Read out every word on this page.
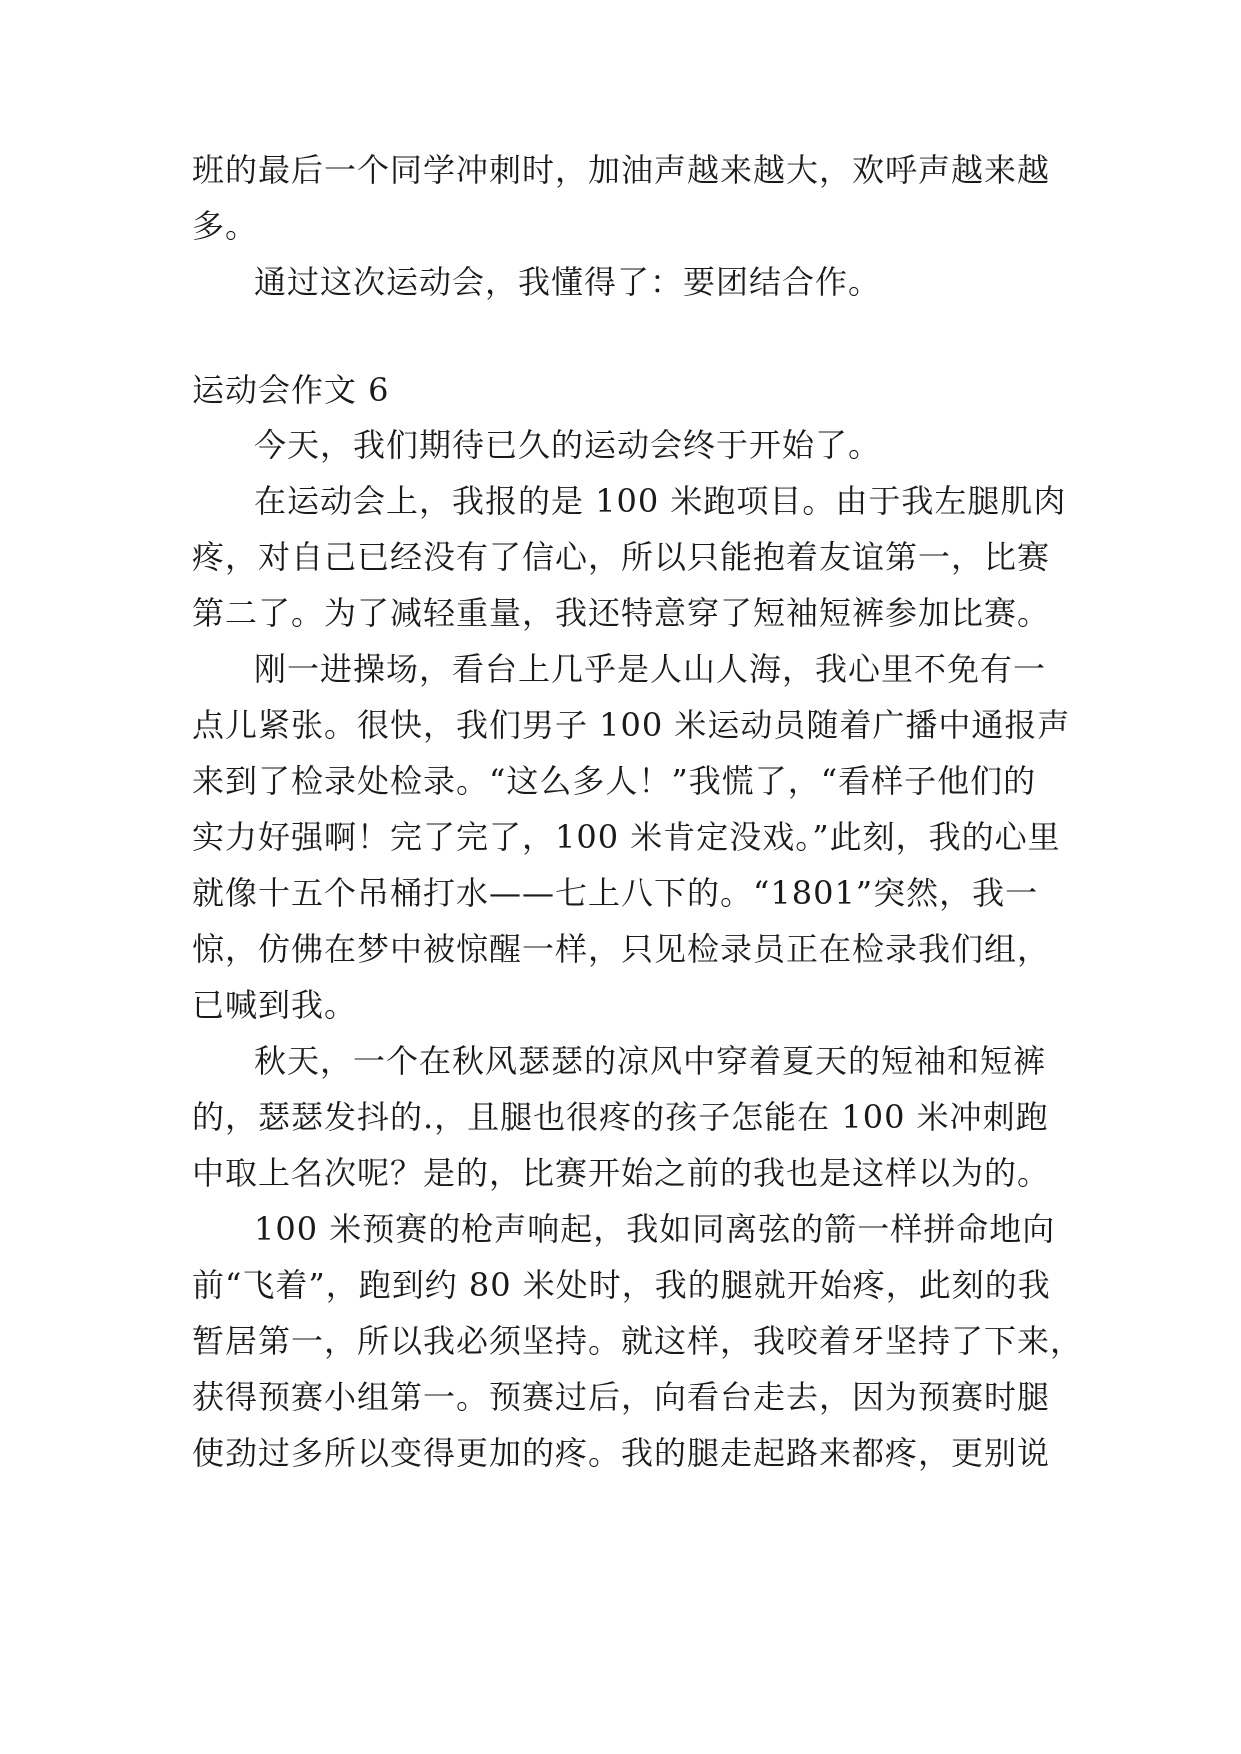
班的最后一个同学冲刺时，加油声越来越大，欢呼声越来越
多。
通过这次运动会，我懂得了：要团结合作。
运动会作文 6
今天，我们期待已久的运动会终于开始了。
在运动会上，我报的是 100 米跑项目。由于我左腿肌肉
疼，对自己已经没有了信心，所以只能抱着友谊第一，比赛
第二了。为了减轻重量，我还特意穿了短袖短裤参加比赛。
刚一进操场，看台上几乎是人山人海，我心里不免有一
点儿紧张。很快，我们男子 100 米运动员随着广播中通报声
来到了检录处检录。“这么多人！”我慌了，“看样子他们的
实力好强啊！完了完了，100 米肯定没戏。”此刻，我的心里
就像十五个吊桶打水——七上八下的。“1801”突然，我一
惊，仿佛在梦中被惊醒一样，只见检录员正在检录我们组，
已喊到我。
秋天，一个在秋风瑟瑟的凉风中穿着夏天的短袖和短裤
的，瑟瑟发抖的.，且腿也很疼的孩子怎能在 100 米冲刺跑
中取上名次呢？是的，比赛开始之前的我也是这样以为的。
100 米预赛的枪声响起，我如同离弦的箭一样拼命地向
前“飞着”，跑到约 80 米处时，我的腿就开始疼，此刻的我
暂居第一，所以我必须坚持。就这样，我咬着牙坚持了下来，
获得预赛小组第一。预赛过后，向看台走去，因为预赛时腿
使劲过多所以变得更加的疼。我的腿走起路来都疼，更别说
